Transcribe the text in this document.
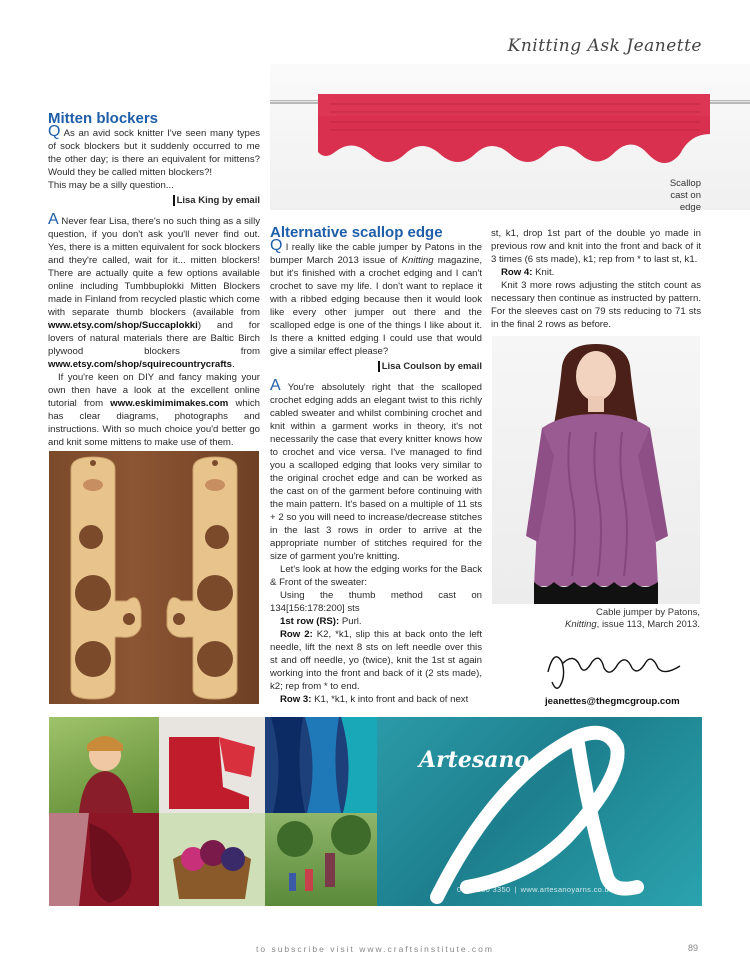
Knitting Ask Jeanette
Scallop
cast on
edge
Mitten blockers

Q As an avid sock knitter I've seen many types of sock blockers but it suddenly occurred to me the other day; is there an equivalent for mittens? Would they be called mitten blockers?!

This may be a silly question...

Lisa King by email

A Never fear Lisa, there's no such thing as a silly question, if you don't ask you'll never find out. Yes, there is a mitten equivalent for sock blockers and they're called, wait for it... mitten blockers! There are actually quite a few options available online including Tumbbuplokki Mitten Blockers made in Finland from recycled plastic which come with separate thumb blockers (available from www.etsy.com/shop/Succaplokki) and for lovers of natural materials there are Baltic Birch plywood blockers from www.etsy.com/shop/squirecountrycrafts.

If you're keen on DIY and fancy making your own then have a look at the excellent online tutorial from www.eskimimimakes.com which has clear diagrams, photographs and instructions. With so much choice you'd better go and knit some mittens to make use of them.

Alternative scallop edge

Q I really like the cable jumper by Patons in the bumper March 2013 issue of Knitting magazine, but it's finished with a crochet edging and I can't crochet to save my life. I don't want to replace it with a ribbed edging because then it would look like every other jumper out there and the scalloped edge is one of the things I like about it. Is there a knitted edging I could use that would give a similar effect please?

Lisa Coulson by email

A You're absolutely right that the scalloped crochet edging adds an elegant twist to this richly cabled sweater and whilst combining crochet and knit within a garment works in theory, it's not necessarily the case that every knitter knows how to crochet and vice versa. I've managed to find you a scalloped edging that looks very similar to the original crochet edge and can be worked as the cast on of the garment before continuing with the main pattern. It's based on a multiple of 11 sts + 2 so you will need to increase/decrease stitches in the last 3 rows in order to arrive at the appropriate number of stitches required for the size of garment you're knitting.

Let's look at how the edging works for the Back & Front of the sweater:

Using the thumb method cast on 134[156:178:200] sts

1st row (RS): Purl.

Row 2: K2, *k1, slip this at back onto the left needle, lift the next 8 sts on left needle over this st and off needle, yo (twice), knit the 1st st again working into the front and back of it (2 sts made), k2; rep from * to end.

Row 3: K1, *k1, k into front and back of next

st, k1, drop 1st part of the double yo made in previous row and knit into the front and back of it 3 times (6 sts made), k1; rep from * to last st, k1.

Row 4: Knit.

Knit 3 more rows adjusting the stitch count as necessary then continue as instructed by pattern. For the sleeves cast on 79 sts reducing to 71 sts in the final 2 rows as before.

Cable jumper by Patons,
Knitting, issue 113, March 2013.
jeanettes@thegmcgroup.com
Artesano
0118 950 3350 | www.artesanoyarns.co.uk
to subscribe visit www.craftsinstitute.com	89
